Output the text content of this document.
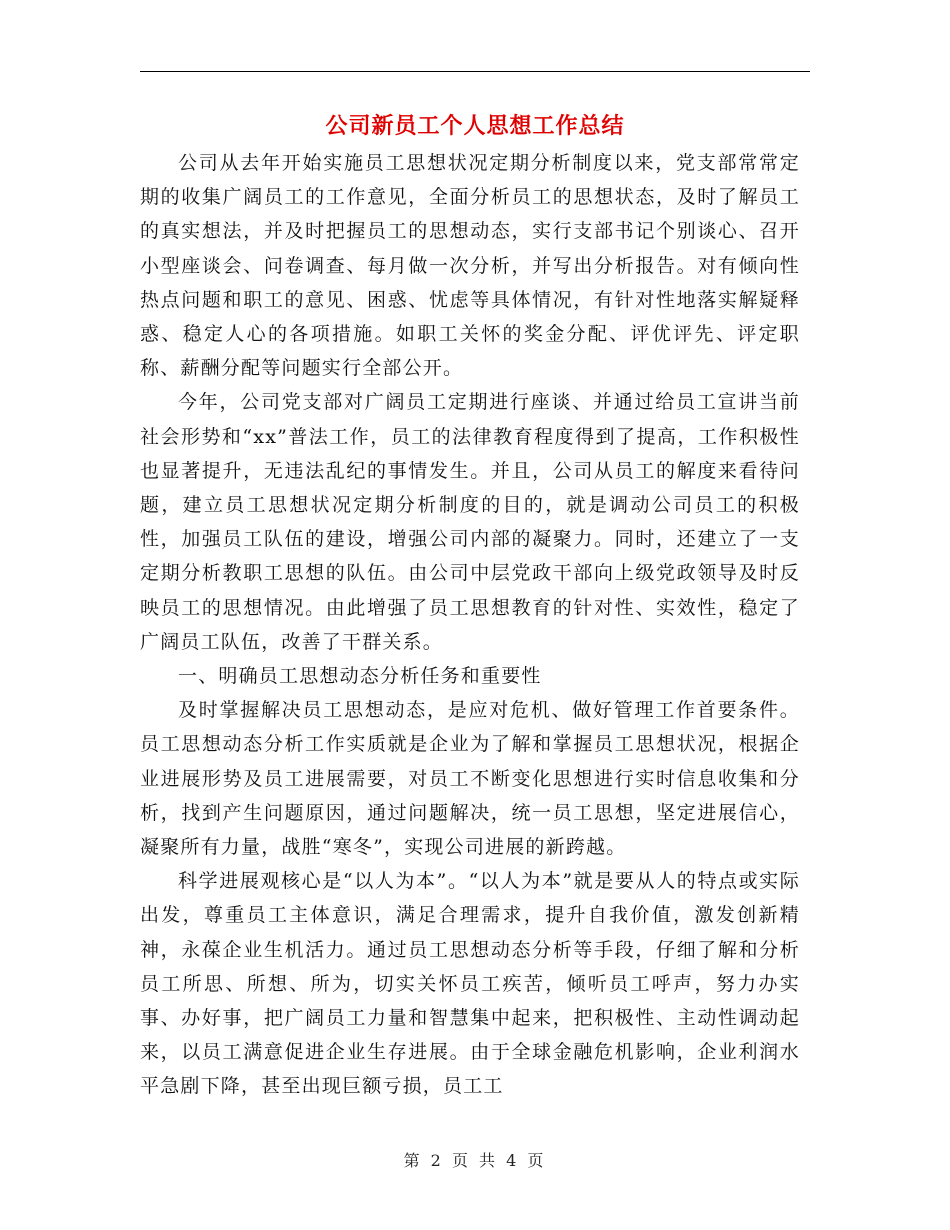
公司新员工个人思想工作总结

公司从去年开始实施员工思想状况定期分析制度以来，党支部常常定期的收集广阔员工的工作意见，全面分析员工的思想状态，及时了解员工的真实想法，并及时把握员工的思想动态，实行支部书记个别谈心、召开小型座谈会、问卷调查、每月做一次分析，并写出分析报告。对有倾向性热点问题和职工的意见、困惑、忧虑等具体情况，有针对性地落实解疑释惑、稳定人心的各项措施。如职工关怀的奖金分配、评优评先、评定职称、薪酬分配等问题实行全部公开。

今年，公司党支部对广阔员工定期进行座谈、并通过给员工宣讲当前社会形势和“xx”普法工作，员工的法律教育程度得到了提高，工作积极性也显著提升，无违法乱纪的事情发生。并且，公司从员工的解度来看待问题，建立员工思想状况定期分析制度的目的，就是调动公司员工的积极性，加强员工队伍的建设，增强公司内部的凝聚力。同时，还建立了一支定期分析教职工思想的队伍。由公司中层党政干部向上级党政领导及时反映员工的思想情况。由此增强了员工思想教育的针对性、实效性，稳定了广阔员工队伍，改善了干群关系。

一、明确员工思想动态分析任务和重要性

及时掌握解决员工思想动态，是应对危机、做好管理工作首要条件。员工思想动态分析工作实质就是企业为了解和掌握员工思想状况，根据企业进展形势及员工进展需要，对员工不断变化思想进行实时信息收集和分析，找到产生问题原因，通过问题解决，统一员工思想，坚定进展信心，凝聚所有力量，战胜“寒冬”，实现公司进展的新跨越。

科学进展观核心是“以人为本”。“以人为本”就是要从人的特点或实际出发，尊重员工主体意识，满足合理需求，提升自我价值，激发创新精神，永葆企业生机活力。通过员工思想动态分析等手段，仔细了解和分析员工所思、所想、所为，切实关怀员工疾苦，倾听员工呼声，努力办实事、办好事，把广阔员工力量和智慧集中起来，把积极性、主动性调动起来，以员工满意促进企业生存进展。由于全球金融危机影响，企业利润水平急剧下降，甚至出现巨额亏损，员工工

第 2 页 共 4 页
